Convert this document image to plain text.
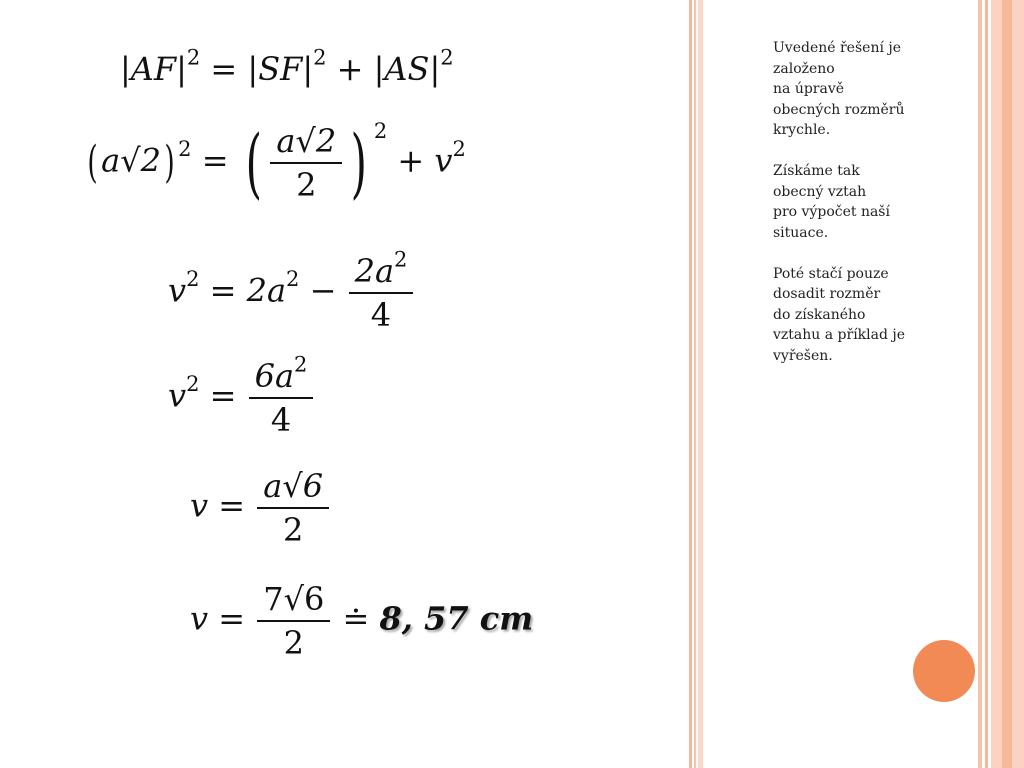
$|AF|^2 = |SF|^2 + |AS|^2$
( a√2) $^2$ = ( $\frac{a√2}{2}$ ) $^2 + v^2$
$v^2 = 2a^2 - \frac{2a^2}{4}$
$v^2 = \frac{6a^2}{4}$
$v = \frac{a√6}{2}$
$v = \frac{7√6}{2}$ ≐ 8, 57 cm

Uvedené řešení je
založeno
na úpravě
obecných rozměrů
krychle.

Získáme tak
obecný vztah
pro výpočet naší
situace.

Poté stačí pouze
dosadit rozměr
do získaného
vztahu a příklad je
vyřešen.
